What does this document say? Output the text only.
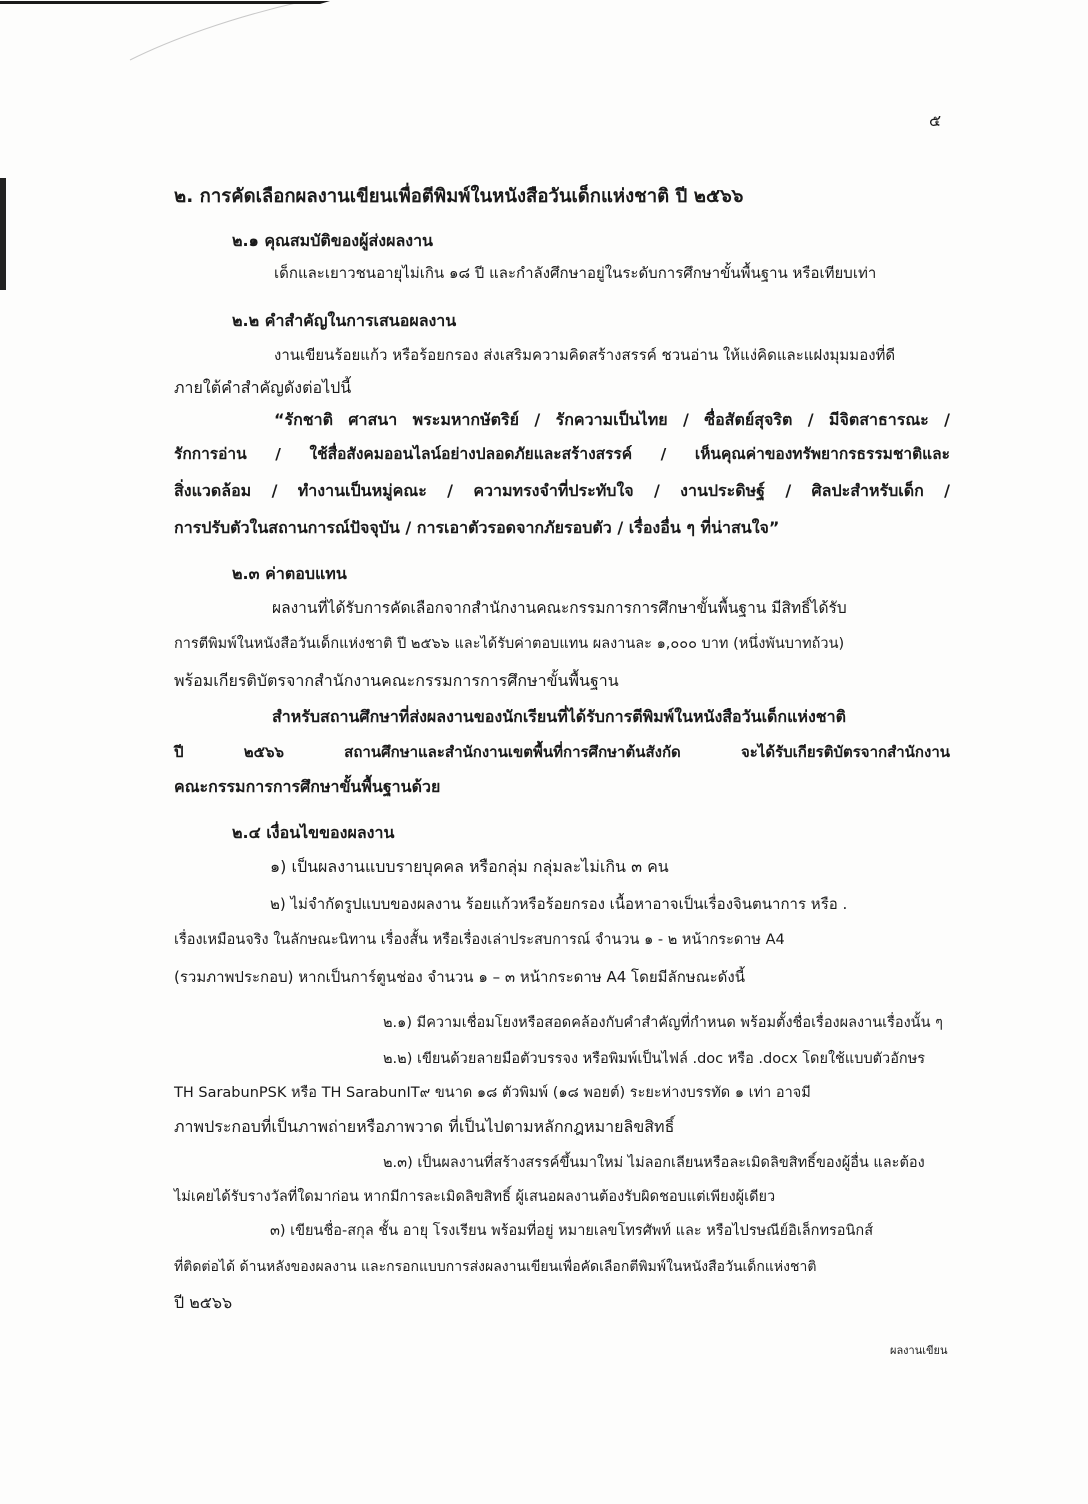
๕

๒. การคัดเลือกผลงานเขียนเพื่อตีพิมพ์ในหนังสือวันเด็กแห่งชาติ ปี ๒๕๖๖

๒.๑ คุณสมบัติของผู้ส่งผลงาน

เด็กและเยาวชนอายุไม่เกิน ๑๘ ปี และกำลังศึกษาอยู่ในระดับการศึกษาขั้นพื้นฐาน หรือเทียบเท่า

๒.๒ คำสำคัญในการเสนอผลงาน

งานเขียนร้อยแก้ว หรือร้อยกรอง ส่งเสริมความคิดสร้างสรรค์ ชวนอ่าน ให้แง่คิดและแฝงมุมมองที่ดี

ภายใต้คำสำคัญดังต่อไปนี้

“รักชาติ ศาสนา พระมหากษัตริย์ / รักความเป็นไทย / ซื่อสัตย์สุจริต / มีจิตสาธารณะ /

รักการอ่าน / ใช้สื่อสังคมออนไลน์อย่างปลอดภัยและสร้างสรรค์ / เห็นคุณค่าของทรัพยากรธรรมชาติและ

สิ่งแวดล้อม / ทำงานเป็นหมู่คณะ / ความทรงจำที่ประทับใจ / งานประดิษฐ์ / ศิลปะสำหรับเด็ก /

การปรับตัวในสถานการณ์ปัจจุบัน / การเอาตัวรอดจากภัยรอบตัว / เรื่องอื่น ๆ ที่น่าสนใจ”

๒.๓ ค่าตอบแทน

ผลงานที่ได้รับการคัดเลือกจากสำนักงานคณะกรรมการการศึกษาขั้นพื้นฐาน มีสิทธิ์ได้รับ

การตีพิมพ์ในหนังสือวันเด็กแห่งชาติ ปี ๒๕๖๖ และได้รับค่าตอบแทน ผลงานละ ๑,๐๐๐ บาท (หนึ่งพันบาทถ้วน)

พร้อมเกียรติบัตรจากสำนักงานคณะกรรมการการศึกษาขั้นพื้นฐาน

สำหรับสถานศึกษาที่ส่งผลงานของนักเรียนที่ได้รับการตีพิมพ์ในหนังสือวันเด็กแห่งชาติ

ปี ๒๕๖๖ สถานศึกษาและสำนักงานเขตพื้นที่การศึกษาต้นสังกัด จะได้รับเกียรติบัตรจากสำนักงาน

คณะกรรมการการศึกษาขั้นพื้นฐานด้วย

๒.๔ เงื่อนไขของผลงาน

๑) เป็นผลงานแบบรายบุคคล หรือกลุ่ม กลุ่มละไม่เกิน ๓ คน

๒) ไม่จำกัดรูปแบบของผลงาน ร้อยแก้วหรือร้อยกรอง เนื้อหาอาจเป็นเรื่องจินตนาการ หรือ .

เรื่องเหมือนจริง ในลักษณะนิทาน เรื่องสั้น หรือเรื่องเล่าประสบการณ์ จำนวน ๑ - ๒ หน้ากระดาษ A4

(รวมภาพประกอบ) หากเป็นการ์ตูนช่อง จำนวน ๑ – ๓ หน้ากระดาษ A4 โดยมีลักษณะดังนี้

๒.๑) มีความเชื่อมโยงหรือสอดคล้องกับคำสำคัญที่กำหนด พร้อมตั้งชื่อเรื่องผลงานเรื่องนั้น ๆ

๒.๒) เขียนด้วยลายมือตัวบรรจง หรือพิมพ์เป็นไฟล์ .doc หรือ .docx โดยใช้แบบตัวอักษร

TH SarabunPSK หรือ TH SarabunIT๙ ขนาด ๑๘ ตัวพิมพ์ (๑๘ พอยต์) ระยะห่างบรรทัด ๑ เท่า อาจมี

ภาพประกอบที่เป็นภาพถ่ายหรือภาพวาด ที่เป็นไปตามหลักกฎหมายลิขสิทธิ์

๒.๓) เป็นผลงานที่สร้างสรรค์ขึ้นมาใหม่ ไม่ลอกเลียนหรือละเมิดลิขสิทธิ์ของผู้อื่น และต้อง

ไม่เคยได้รับรางวัลที่ใดมาก่อน หากมีการละเมิดลิขสิทธิ์ ผู้เสนอผลงานต้องรับผิดชอบแต่เพียงผู้เดียว

๓) เขียนชื่อ-สกุล ชั้น อายุ โรงเรียน พร้อมที่อยู่ หมายเลขโทรศัพท์ และ หรือไปรษณีย์อิเล็กทรอนิกส์

ที่ติดต่อได้ ด้านหลังของผลงาน และกรอกแบบการส่งผลงานเขียนเพื่อคัดเลือกตีพิมพ์ในหนังสือวันเด็กแห่งชาติ

ปี ๒๕๖๖

ผลงานเขียน
